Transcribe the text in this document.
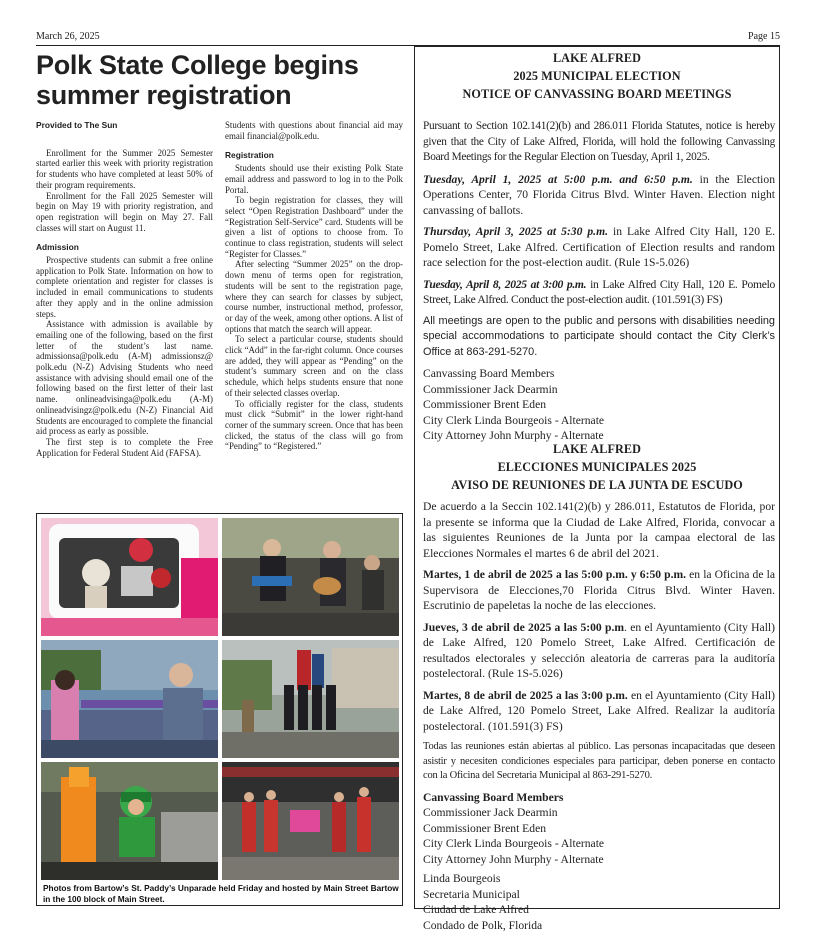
March 26, 2025	Page 15
Polk State College begins summer registration

Provided to The Sun

Enrollment for the Summer 2025 Semester started earlier this week with priority registration for students who have completed at least 50% of their program requirements.

Enrollment for the Fall 2025 Semester will begin on May 19 with priority registration, and open registration will begin on May 27. Fall classes will start on August 11.

Admission

Prospective students can submit a free online application to Polk State. Information on how to complete orientation and register for classes is included in email communications to students after they apply and in the online admission steps.

Assistance with admission is available by emailing one of the following, based on the first letter of the student’s last name. admissionsa@polk.edu (A-M) admissionsz@ polk.edu (N-Z) Advising Students who need assistance with advising should email one of the following based on the first letter of their last name. onlineadvisinga@polk.edu (A-M) onlineadvisingz@polk.edu (N-Z) Financial Aid Students are encouraged to complete the financial aid process as early as possible.

The first step is to complete the Free Application for Federal Student Aid (FAFSA).

Students with questions about financial aid may email financial@polk.edu.

Registration

Students should use their existing Polk State email address and password to log in to the Polk Portal.

To begin registration for classes, they will select “Open Registration Dashboard” under the “Registration Self-Service” card. Students will be given a list of options to choose from. To continue to class registration, students will select “Register for Classes.”

After selecting “Summer 2025” on the drop-down menu of terms open for registration, students will be sent to the registration page, where they can search for classes by subject, course number, instructional method, professor, or day of the week, among other options. A list of options that match the search will appear.

To select a particular course, students should click “Add” in the far-right column. Once courses are added, they will appear as “Pending” on the student’s summary screen and on the class schedule, which helps students ensure that none of their selected classes overlap.

To officially register for the class, students must click “Submit” in the lower right-hand corner of the summary screen. Once that has been clicked, the status of the class will go from “Pending” to “Registered.”

Photos from Bartow’s St. Paddy’s Unparade held Friday and hosted by Main Street Bartow in the 100 block of Main Street.
LAKE ALFRED
2025 MUNICIPAL ELECTION
NOTICE OF CANVASSING BOARD MEETINGS

Pursuant to Section 102.141(2)(b) and 286.011 Florida Statutes, notice is hereby given that the City of Lake Alfred, Florida, will hold the following Canvassing Board Meetings for the Regular Election on Tuesday, April 1, 2025.

Tuesday, April 1, 2025 at 5:00 p.m. and 6:50 p.m. in the Election Operations Center, 70 Florida Citrus Blvd. Winter Haven. Election night canvassing of ballots.

Thursday, April 3, 2025 at 5:30 p.m. in Lake Alfred City Hall, 120 E. Pomelo Street, Lake Alfred. Certification of Election results and random race selection for the post-election audit. (Rule 1S-5.026)

Tuesday, April 8, 2025 at 3:00 p.m. in Lake Alfred City Hall, 120 E. Pomelo Street, Lake Alfred. Conduct the post-election audit. (101.591(3) FS)

All meetings are open to the public and persons with disabilities needing special accommodations to participate should contact the City Clerk’s Office at 863-291-5270.

Canvassing Board Members
Commissioner Jack Dearmin
Commissioner Brent Eden
City Clerk Linda Bourgeois - Alternate
City Attorney John Murphy - Alternate
LAKE ALFRED
ELECCIONES MUNICIPALES 2025
AVISO DE REUNIONES DE LA JUNTA DE ESCUDO

De acuerdo a la Seccin 102.141(2)(b) y 286.011, Estatutos de Florida, por la presente se informa que la Ciudad de Lake Alfred, Florida, convocar a las siguientes Reuniones de la Junta por la campaa electoral de las Elecciones Normales el martes 6 de abril del 2021.

Martes, 1 de abril de 2025 a las 5:00 p.m. y 6:50 p.m. en la Oficina de la Supervisora de Elecciones,70 Florida Citrus Blvd. Winter Haven. Escrutinio de papeletas la noche de las elecciones.

Jueves, 3 de abril de 2025 a las 5:00 p.m. en el Ayuntamiento (City Hall) de Lake Alfred, 120 Pomelo Street, Lake Alfred. Certificación de resultados electorales y selección aleatoria de carreras para la auditoría postelectoral. (Rule 1S-5.026)

Martes, 8 de abril de 2025 a las 3:00 p.m. en el Ayuntamiento (City Hall) de Lake Alfred, 120 Pomelo Street, Lake Alfred. Realizar la auditoría postelectoral. (101.591(3) FS)

Todas las reuniones están abiertas al público. Las personas incapacitadas que deseen asistir y necesiten condiciones especiales para participar, deben ponerse en contacto con la Oficina del Secretaria Municipal al 863-291-5270.

Canvassing Board Members
Commissioner Jack Dearmin
Commissioner Brent Eden
City Clerk Linda Bourgeois - Alternate
City Attorney John Murphy - Alternate
Linda Bourgeois
Secretaria Municipal
Ciudad de Lake Alfred
Condado de Polk, Florida
